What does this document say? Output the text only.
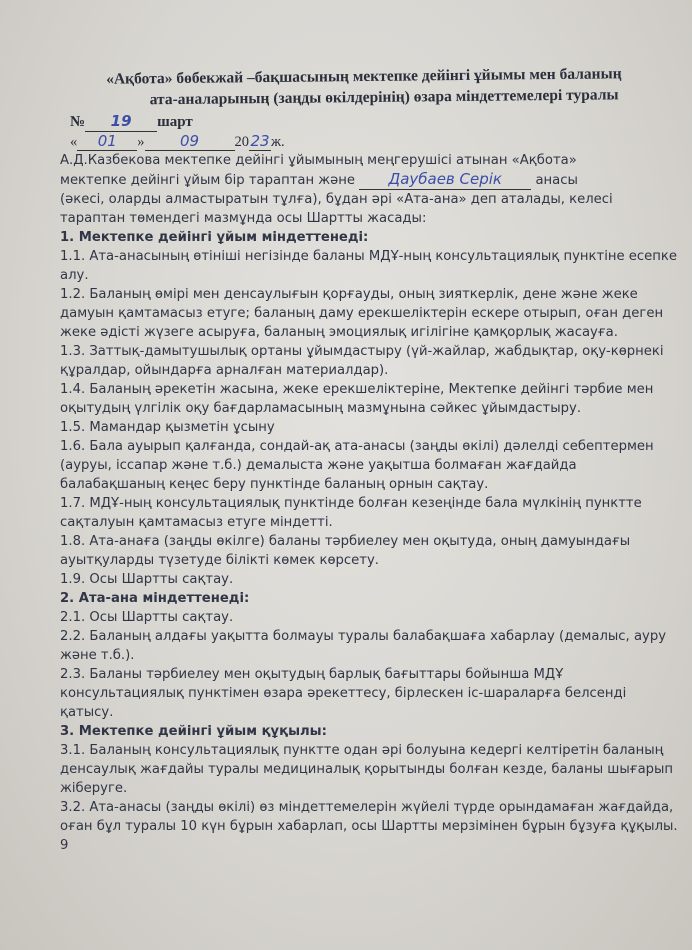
«Ақбота» бөбекжай –бақшасының мектепке дейінгі ұйымы мен баланың
ата-аналарының (заңды өкілдерінің) өзара міндеттемелері туралы
№ 19 шарт
« 01 » 09 2023ж.

А.Д.Казбекова мектепке дейінгі ұйымының меңгерушісі атынан «Ақбота»

мектепке дейінгі ұйым бір тараптан және Даубаев Серік	анасы

(әкесі, оларды алмастыратын тұлға), бұдан әрі «Ата-ана» деп аталады, келесі

тараптан төмендегі мазмұнда осы Шартты жасады:

1. Мектепке дейінгі ұйым міндеттенеді:

1.1. Ата-анасының өтініші негізінде баланы МДҰ-ның консультациялық пунктіне есепке алу.

1.2. Баланың өмірі мен денсаулығын қорғауды, оның зияткерлік, дене және жеке дамуын қамтамасыз етуге; баланың даму ерекшеліктерін ескере отырып, оған деген жеке әдісті жүзеге асыруға, баланың эмоциялық игілігіне қамқорлық жасауға.

1.3. Заттық-дамытушылық ортаны ұйымдастыру (үй-жайлар, жабдықтар, оқу-көрнекі құралдар, ойындарға арналған материалдар).

1.4. Баланың әрекетін жасына, жеке ерекшеліктеріне, Мектепке дейінгі тәрбие мен оқытудың үлгілік оқу бағдарламасының мазмұнына сәйкес ұйымдастыру.

1.5. Мамандар қызметін ұсыну

1.6. Бала ауырып қалғанда, сондай-ақ ата-анасы (заңды өкілі) дәлелді себептермен (ауруы, іссапар және т.б.) демалыста және уақытша болмаған жағдайда балабақшаның кеңес беру пунктінде баланың орнын сақтау.

1.7. МДҰ-ның консультациялық пунктінде болған кезеңінде бала мүлкінің пунктте сақталуын қамтамасыз етуге міндетті.

1.8. Ата-анаға (заңды өкілге) баланы тәрбиелеу мен оқытуда, оның дамуындағы ауытқуларды түзетуде білікті көмек көрсету.

1.9. Осы Шартты сақтау.

2. Ата-ана міндеттенеді:

2.1. Осы Шартты сақтау.

2.2. Баланың алдағы уақытта болмауы туралы балабақшаға хабарлау (демалыс, ауру және т.б.).

2.3. Баланы тәрбиелеу мен оқытудың барлық бағыттары бойынша МДҰ консультациялық пунктімен өзара әрекеттесу, бірлескен іс-шараларға белсенді қатысу.

3. Мектепке дейінгі ұйым құқылы:

3.1. Баланың консультациялық пунктте одан әрі болуына кедергі келтіретін баланың денсаулық жағдайы туралы медициналық қорытынды болған кезде, баланы шығарып жіберуге.

3.2. Ата-анасы (заңды өкілі) өз міндеттемелерін жүйелі түрде орындамаған жағдайда, оған бұл туралы 10 күн бұрын хабарлап, осы Шартты мерзімінен бұрын бұзуға құқылы. 9
